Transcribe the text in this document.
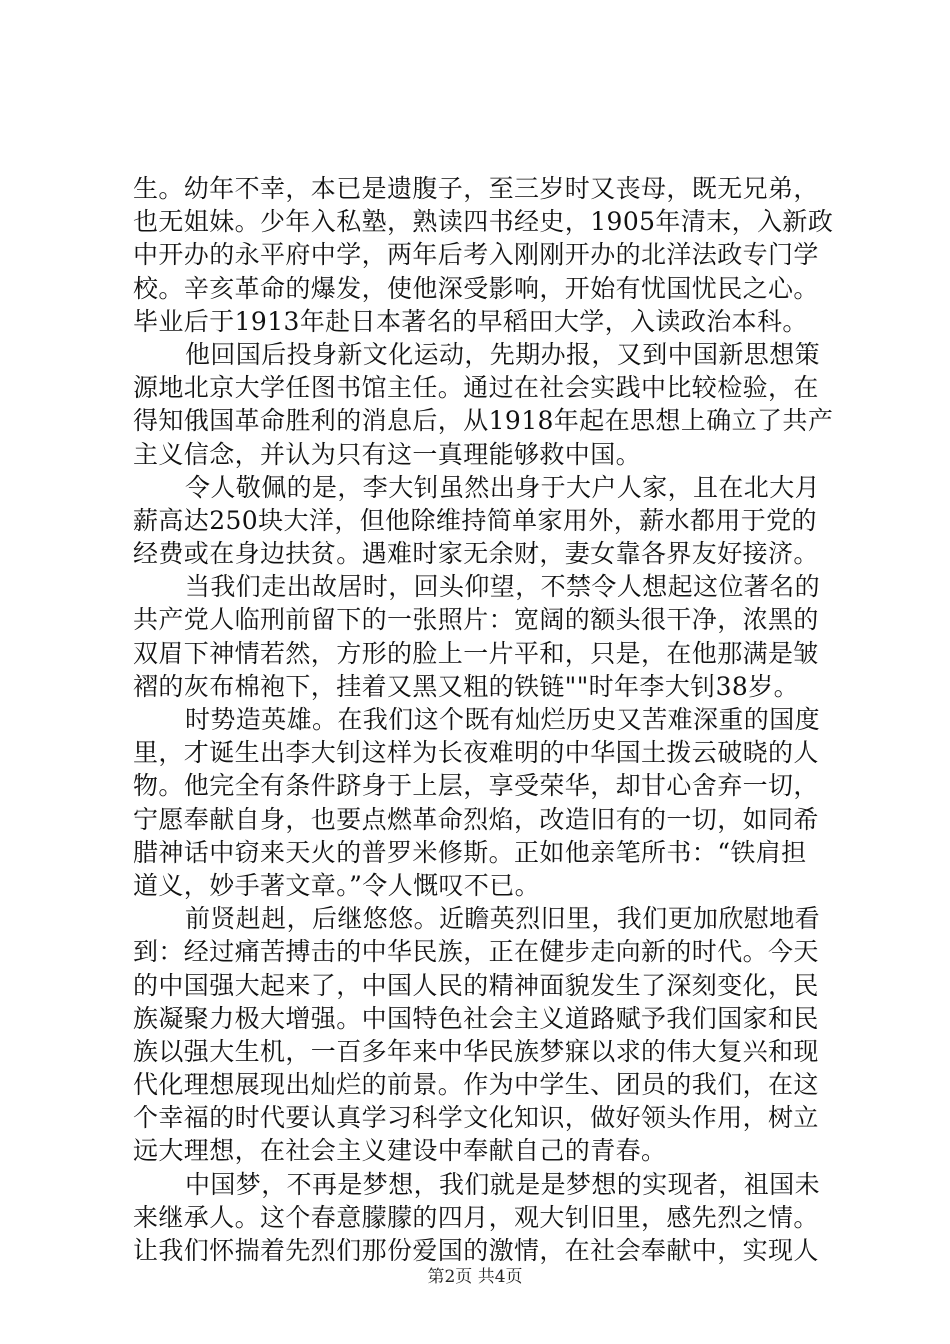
生。幼年不幸，本已是遗腹子，至三岁时又丧母，既无兄弟，
也无姐妹。少年入私塾，熟读四书经史，1905年清末，入新政
中开办的永平府中学，两年后考入刚刚开办的北洋法政专门学
校。辛亥革命的爆发，使他深受影响，开始有忧国忧民之心。
毕业后于1913年赴日本著名的早稻田大学，入读政治本科。
他回国后投身新文化运动，先期办报，又到中国新思想策
源地北京大学任图书馆主任。通过在社会实践中比较检验，在
得知俄国革命胜利的消息后，从1918年起在思想上确立了共产
主义信念，并认为只有这一真理能够救中国。
令人敬佩的是，李大钊虽然出身于大户人家，且在北大月
薪高达250块大洋，但他除维持简单家用外，薪水都用于党的
经费或在身边扶贫。遇难时家无余财，妻女靠各界友好接济。
当我们走出故居时，回头仰望，不禁令人想起这位著名的
共产党人临刑前留下的一张照片：宽阔的额头很干净，浓黑的
双眉下神情若然，方形的脸上一片平和，只是，在他那满是皱
褶的灰布棉袍下，挂着又黑又粗的铁链""时年李大钊38岁。
时势造英雄。在我们这个既有灿烂历史又苦难深重的国度
里，才诞生出李大钊这样为长夜难明的中华国土拨云破晓的人
物。他完全有条件跻身于上层，享受荣华，却甘心舍弃一切，
宁愿奉献自身，也要点燃革命烈焰，改造旧有的一切，如同希
腊神话中窃来天火的普罗米修斯。正如他亲笔所书：“铁肩担
道义，妙手著文章。”令人慨叹不已。
前贤赳赳，后继悠悠。近瞻英烈旧里，我们更加欣慰地看
到：经过痛苦搏击的中华民族，正在健步走向新的时代。今天
的中国强大起来了，中国人民的精神面貌发生了深刻变化，民
族凝聚力极大增强。中国特色社会主义道路赋予我们国家和民
族以强大生机，一百多年来中华民族梦寐以求的伟大复兴和现
代化理想展现出灿烂的前景。作为中学生、团员的我们，在这
个幸福的时代要认真学习科学文化知识，做好领头作用，树立
远大理想，在社会主义建设中奉献自己的青春。
中国梦，不再是梦想，我们就是是梦想的实现者，祖国未
来继承人。这个春意朦朦的四月，观大钊旧里，感先烈之情。
让我们怀揣着先烈们那份爱国的激情，在社会奉献中，实现人
第2页 共4页
